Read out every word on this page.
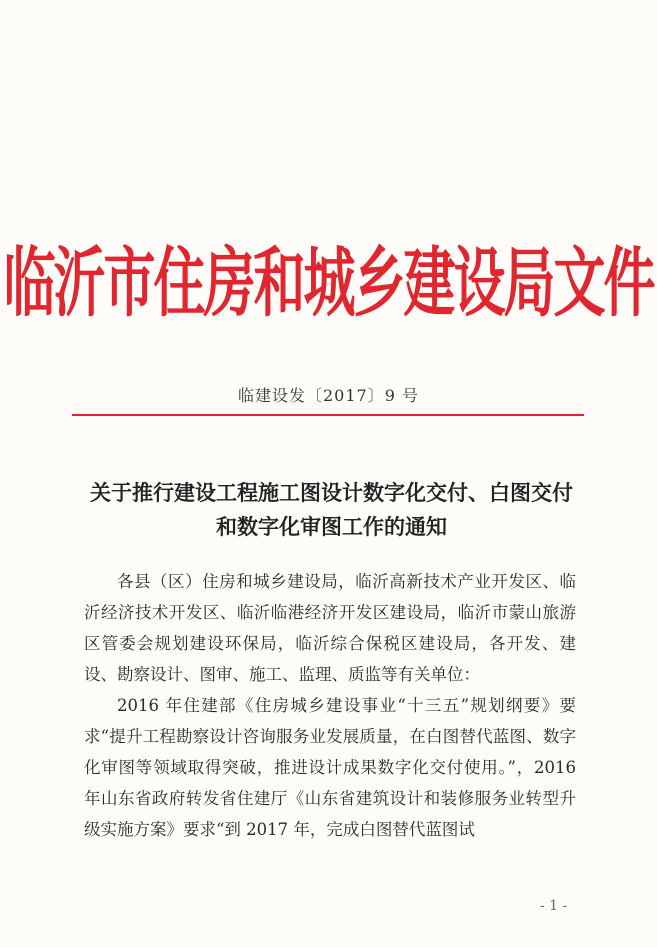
临沂市住房和城乡建设局文件
临建设发〔2017〕9 号
关于推行建设工程施工图设计数字化交付、白图交付和数字化审图工作的通知

各县（区）住房和城乡建设局，临沂高新技术产业开发区、临沂经济技术开发区、临沂临港经济开发区建设局，临沂市蒙山旅游区管委会规划建设环保局，临沂综合保税区建设局，各开发、建设、勘察设计、图审、施工、监理、质监等有关单位：

2016 年住建部《住房城乡建设事业“十三五”规划纲要》要求“提升工程勘察设计咨询服务业发展质量，在白图替代蓝图、数字化审图等领域取得突破，推进设计成果数字化交付使用。”，2016 年山东省政府转发省住建厅《山东省建筑设计和装修服务业转型升级实施方案》要求“到 2017 年，完成白图替代蓝图试

- 1 -
